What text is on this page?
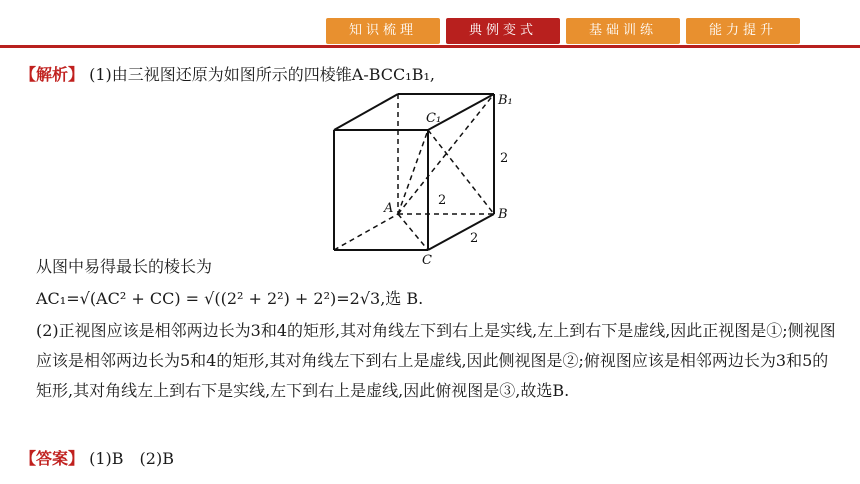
知识梳理	典例变式	基础训练	能力提升
【解析】 (1)由三视图还原为如图所示的四棱锥A-BCC₁B₁,
A	B
C
C₁
B₁
2
2
2
从图中易得最长的棱长为
AC₁=√(AC² + CC) = √((2² + 2²) + 2²)=2√3,选 B.
(2)正视图应该是相邻两边长为3和4的矩形,其对角线左下到右上是实线,左上到右下是虚线,因此正视图是①;侧视图应该是相邻两边长为5和4的矩形,其对角线左下到右上是虚线,因此侧视图是②;俯视图应该是相邻两边长为3和5的矩形,其对角线左上到右下是实线,左下到右上是虚线,因此俯视图是③,故选B.
【答案】 (1)B　(2)B
